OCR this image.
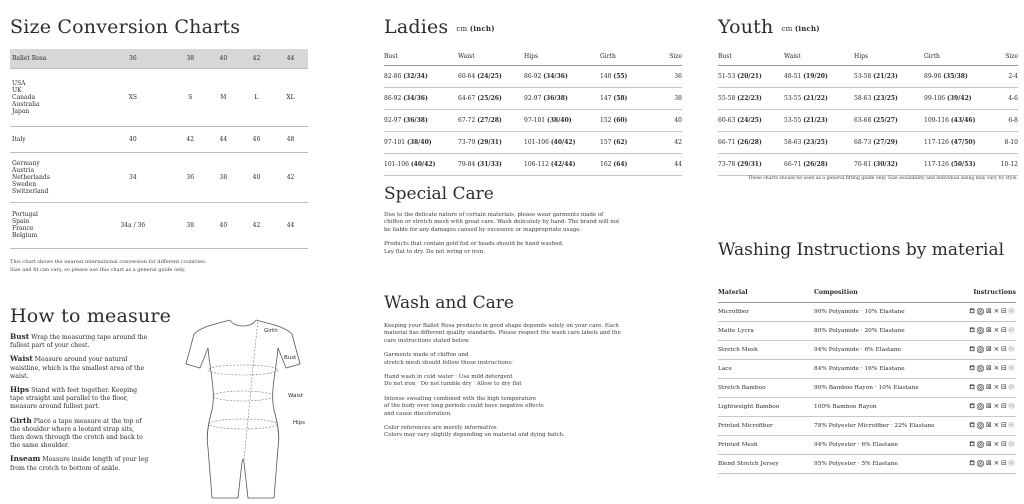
Size Conversion Charts
Ballet Rosa	36	38	40	42	44

USA
UK
Canada
Australia
Japan	XS	S	M	L	XL

Italy	40	42	44	46	48

Germany
Austria
Netherlands
Sweden
Switzerland	34	36	38	40	42

Portugal
Spain
France
Belgium	34a / 36	38	40	42	44
This chart shows the nearest international conversion for different countries.
Size and fit can vary, so please use this chart as a general guide only.
How to measure
Bust Wrap the measuring tape around the fullest part of your chest.
Waist Measure around your natural waistline, which is the smallest area of the waist.
Hips Stand with feet together. Keeping tape straight and parallel to the floor, measure around fullest part.
Girth Place a tape measure at the top of the shoulder where a leotard strap sits, then down through the crotch and back to the same shoulder.
Inseam Measure inside length of your leg from the crotch to bottom of ankle.
Girth
Bust
Waist
Hips
Ladies cm (inch)
Bust	Waist	Hips	Girth	Size
82-86 (32/34)	60-64 (24/25)	86-92 (34/36)	140 (55)	36
86-92 (34/36)	64-67 (25/26)	92-97 (36/38)	147 (58)	38
92-97 (36/38)	67-72 (27/28)	97-101 (38/40)	152 (60)	40
97-101 (38/40)	73-79 (29/31)	101-106 (40/42)	157 (62)	42
101-106 (40/42)	79-84 (31/33)	106-112 (42/44)	162 (64)	44
Special Care
Due to the delicate nature of certain materials, please wear garments made of chiffon or stretch mesh with great care. Wash delicately by hand. The brand will not be liable for any damages caused by excessive or inappropriate usage.
Products that contain gold foil or heads should be hand washed.
Lay flat to dry. Do not wring or iron.
Wash and Care
Keeping your Ballet Rosa products in good shape depends solely on your care. Each material has different quality standards. Please respect the wash care labels and the care instructions stated below.
Garments made of chiffon and
stretch mesh should follow these instructions:
Hand wash in cold water · Use mild detergent
Do not iron · Do not tumble dry · Allow to dry flat
Intense sweating combined with the high temperature
of the body over long periods could have negative effects
and cause discoloration.
Color references are merely informative.
Colors may vary slightly depending on material and dying batch.
Youth cm (inch)
Bust	Waist	Hips	Girth	Size
51-53 (20/21)	48-51 (19/20)	53-58 (21/23)	89-96 (35/38)	2-4
55-58 (22/23)	53-55 (21/22)	58-63 (23/25)	99-106 (39/42)	4-6
60-63 (24/25)	53-55 (21/23)	63-68 (25/27)	109-116 (43/46)	6-8
66-71 (26/28)	58-63 (23/25)	68-73 (27/29)	117-126 (47/50)	8-10
73-78 (29/31)	66-71 (26/28)	76-81 (30/32)	117-126 (50/53)	10-12
These charts should be used as a general fitting guide only. Size availability and individual sizing may vary by style.
Washing Instructions by material
Material	Composition	Instructions
Microfiber	90% Polyamide · 10% Elastane	⛾⨷⊠⨯⊟⓪
Matte Lycra	80% Polyamide · 20% Elastane	⛾⨷⊠⨯⊟⓪
Stretch Mesh	94% Polyamide · 6% Elastane	⛾⨷⊠⨯⊟⓪
Lace	84% Polyamide · 16% Elastane	⛾⨷⊠⨯⊟⓪
Stretch Bamboo	90% Bamboo Rayon · 10% Elastane	⛾⨷⊠⨯⊟⓪
Lightweight Bamboo	100% Bamboo Rayon	⛾⨷⊠⨯⊟⓪
Printed Microfiber	78% Polyester Microfiber · 22% Elastane	⛾⨷⊠⨯⊟⓪
Printed Mesh	94% Polyester · 6% Elastane	⛾⨷⊠⨯⊟⓪
Blend Stretch Jersey	95% Polyester · 5% Elastane	⛾⨷⊠⨯⊟⓪
